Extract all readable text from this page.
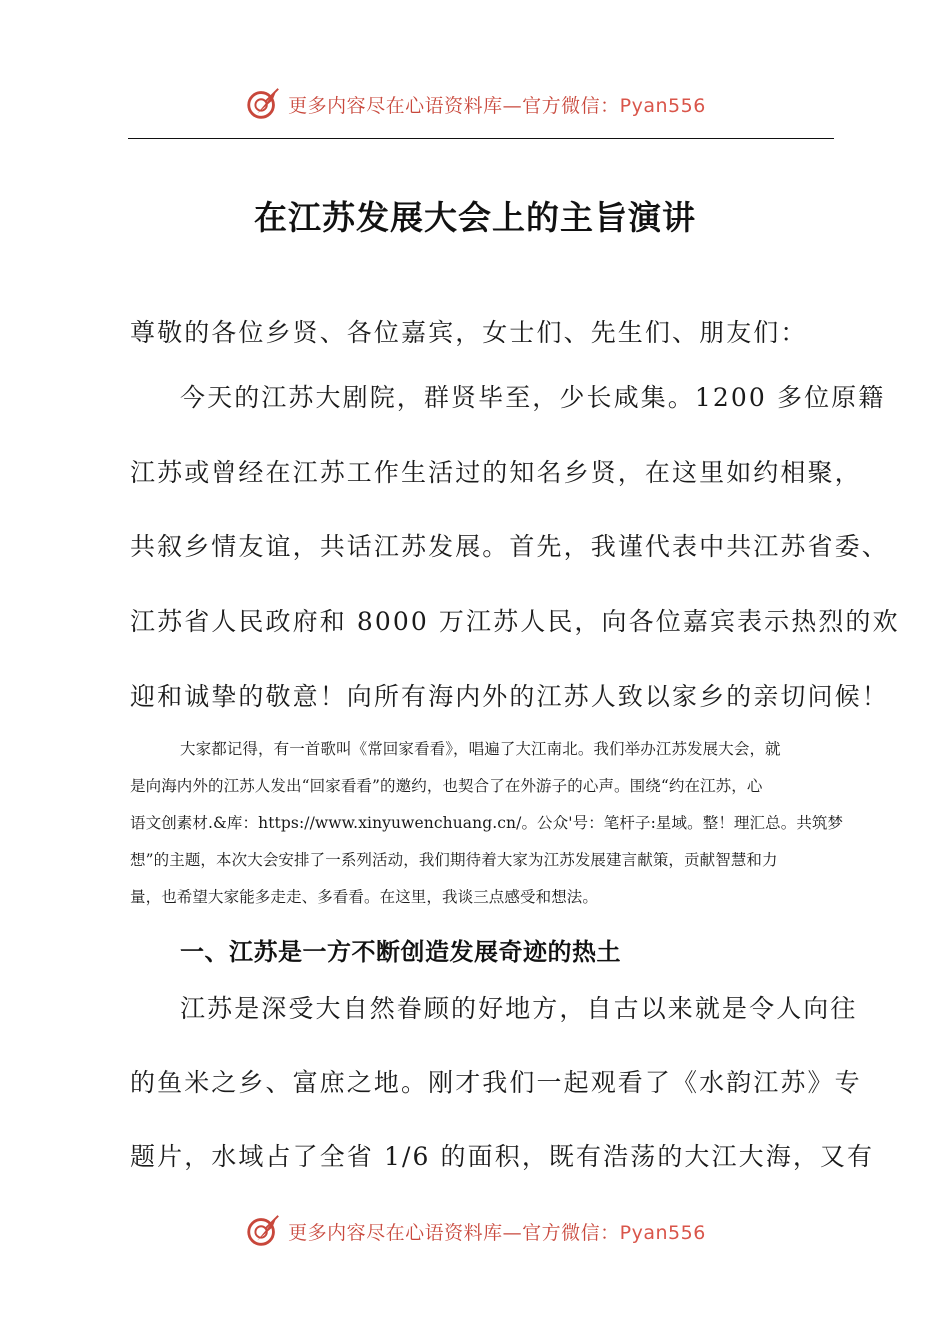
更多内容尽在心语资料库—官方微信：Pyan556
在江苏发展大会上的主旨演讲
尊敬的各位乡贤、各位嘉宾，女士们、先生们、朋友们：
今天的江苏大剧院，群贤毕至，少长咸集。1200 多位原籍
江苏或曾经在江苏工作生活过的知名乡贤，在这里如约相聚，
共叙乡情友谊，共话江苏发展。首先，我谨代表中共江苏省委、
江苏省人民政府和 8000 万江苏人民，向各位嘉宾表示热烈的欢
迎和诚挚的敬意！向所有海内外的江苏人致以家乡的亲切问候！
大家都记得，有一首歌叫《常回家看看》，唱遍了大江南北。我们举办江苏发展大会，就
是向海内外的江苏人发出“回家看看”的邀约，也契合了在外游子的心声。围绕“约在江苏，心
语文创素材.&库：https://www.xinyuwenchuang.cn/。公众'号：笔杆子:星域。整！理汇总。共筑梦
想”的主题，本次大会安排了一系列活动，我们期待着大家为江苏发展建言献策，贡献智慧和力
量，也希望大家能多走走、多看看。在这里，我谈三点感受和想法。
一、江苏是一方不断创造发展奇迹的热土
江苏是深受大自然眷顾的好地方，自古以来就是令人向往
的鱼米之乡、富庶之地。刚才我们一起观看了《水韵江苏》专
题片，水域占了全省 1/6 的面积，既有浩荡的大江大海，又有
更多内容尽在心语资料库—官方微信：Pyan556
